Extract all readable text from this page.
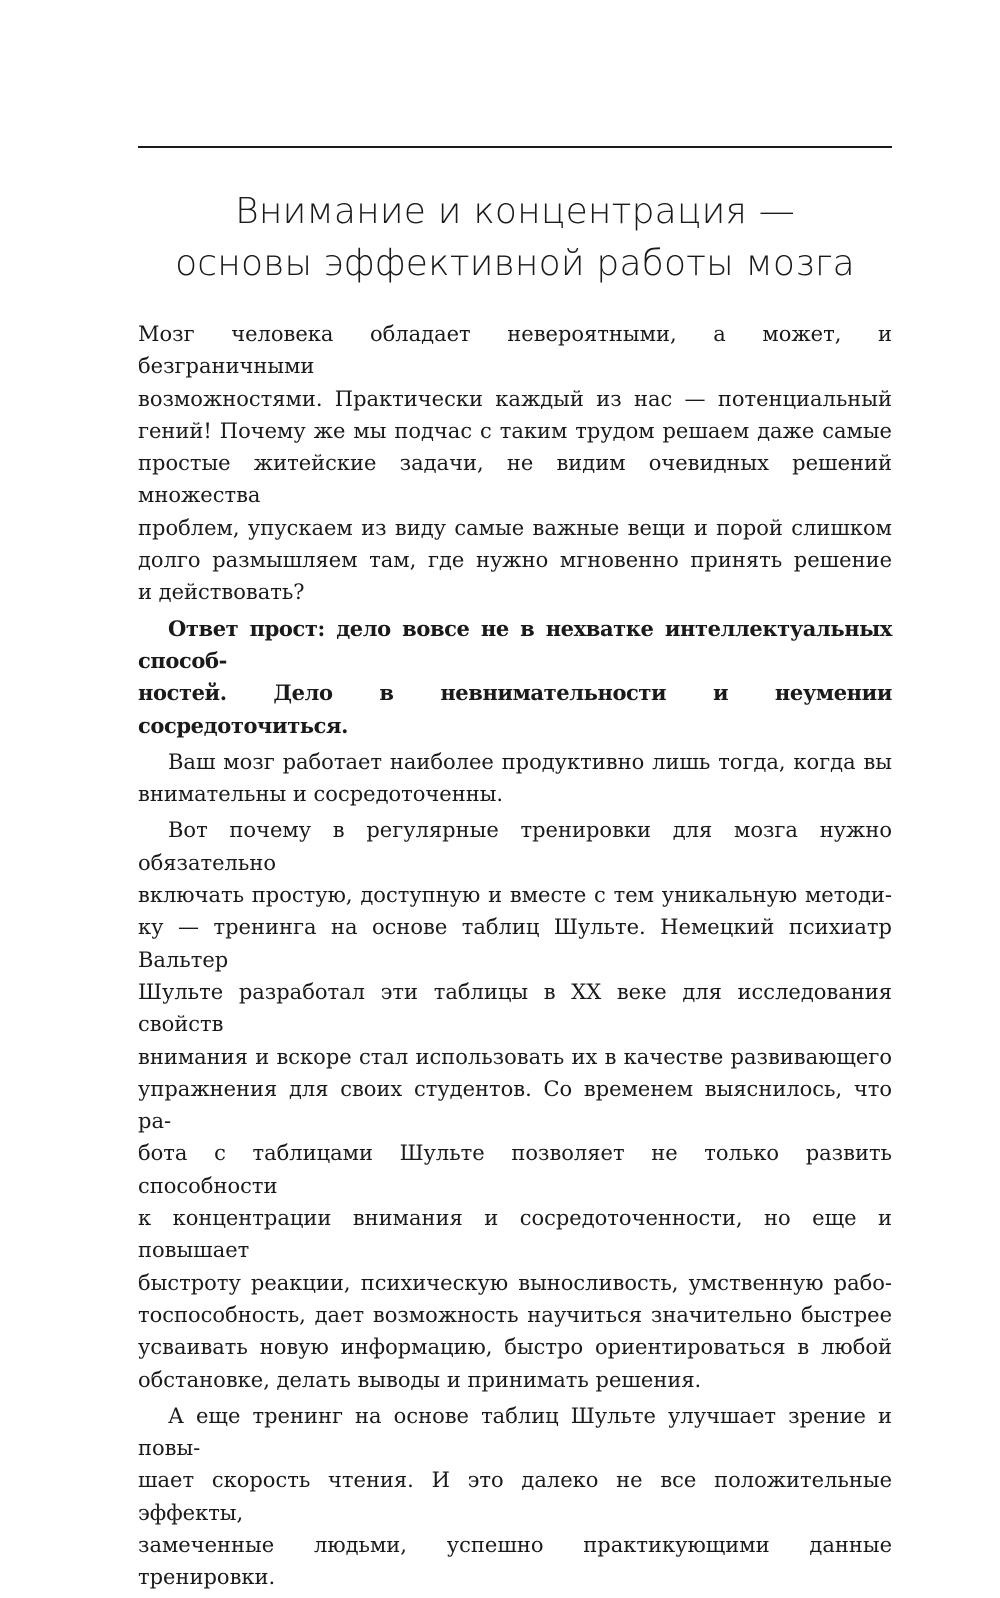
Внимание и концентрация —
основы эффективной работы мозга

Мозг человека обладает невероятными, а может, и безграничными
возможностями. Практически каждый из нас — потенциальный
гений! Почему же мы подчас с таким трудом решаем даже самые
простые житейские задачи, не видим очевидных решений множества
проблем, упускаем из виду самые важные вещи и порой слишком
долго размышляем там, где нужно мгновенно принять решение
и действовать?

Ответ прост: дело вовсе не в нехватке интеллектуальных способ-
ностей. Дело в невнимательности и неумении сосредоточиться.

Ваш мозг работает наиболее продуктивно лишь тогда, когда вы
внимательны и сосредоточенны.

Вот почему в регулярные тренировки для мозга нужно обязательно
включать простую, доступную и вместе с тем уникальную методи-
ку — тренинга на основе таблиц Шульте. Немецкий психиатр Вальтер
Шульте разработал эти таблицы в XX веке для исследования свойств
внимания и вскоре стал использовать их в качестве развивающего
упражнения для своих студентов. Со временем выяснилось, что ра-
бота с таблицами Шульте позволяет не только развить способности
к концентрации внимания и сосредоточенности, но еще и повышает
быстроту реакции, психическую выносливость, умственную рабо-
тоспособность, дает возможность научиться значительно быстрее
усваивать новую информацию, быстро ориентироваться в любой
обстановке, делать выводы и принимать решения.

А еще тренинг на основе таблиц Шульте улучшает зрение и повы-
шает скорость чтения. И это далеко не все положительные эффекты,
замеченные людьми, успешно практикующими данные тренировки.
